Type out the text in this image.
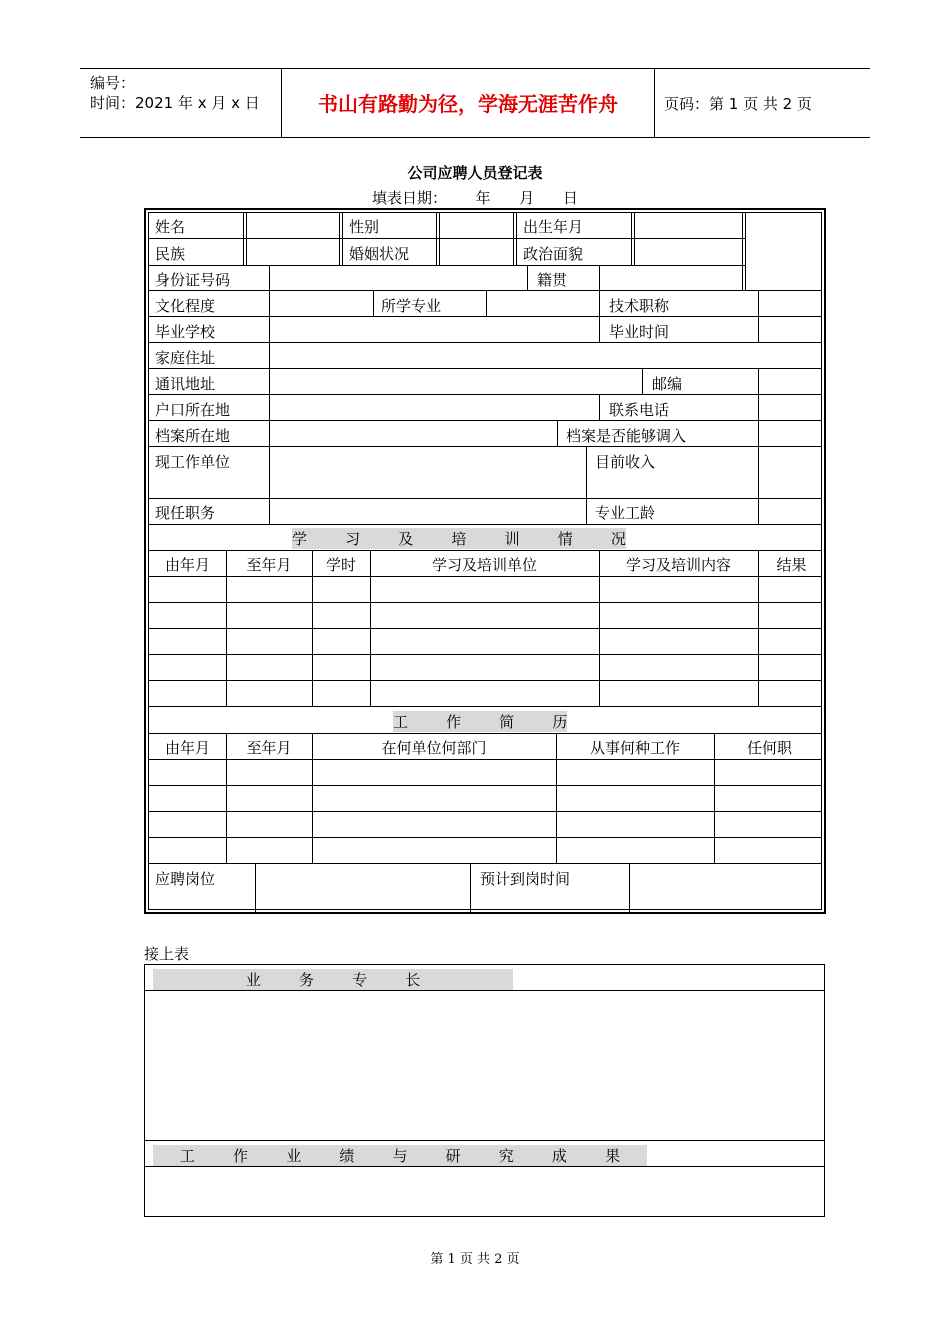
编号：
时间：2021 年 x 月 x 日	书山有路勤为径，学海无涯苦作舟	页码：第 1 页 共 2 页
公司应聘人员登记表
填表日期：      年      月      日
姓名	性别	出生年月
民族	婚姻状况	政治面貌
身份证号码	籍贯
文化程度	所学专业	技术职称
毕业学校	毕业时间
家庭住址
通讯地址	邮编
户口所在地	联系电话
档案所在地	档案是否能够调入
现工作单位	目前收入
现任职务	专业工龄
学        习        及        培        训        情        况
由年月	至年月	学时	学习及培训单位	学习及培训内容	结果
工        作        简        历
由年月	至年月	在何单位何部门	从事何种工作	任何职
应聘岗位	预计到岗时间
接上表
业        务        专        长
工        作        业        绩        与        研        究        成        果
第 1 页 共 2 页
